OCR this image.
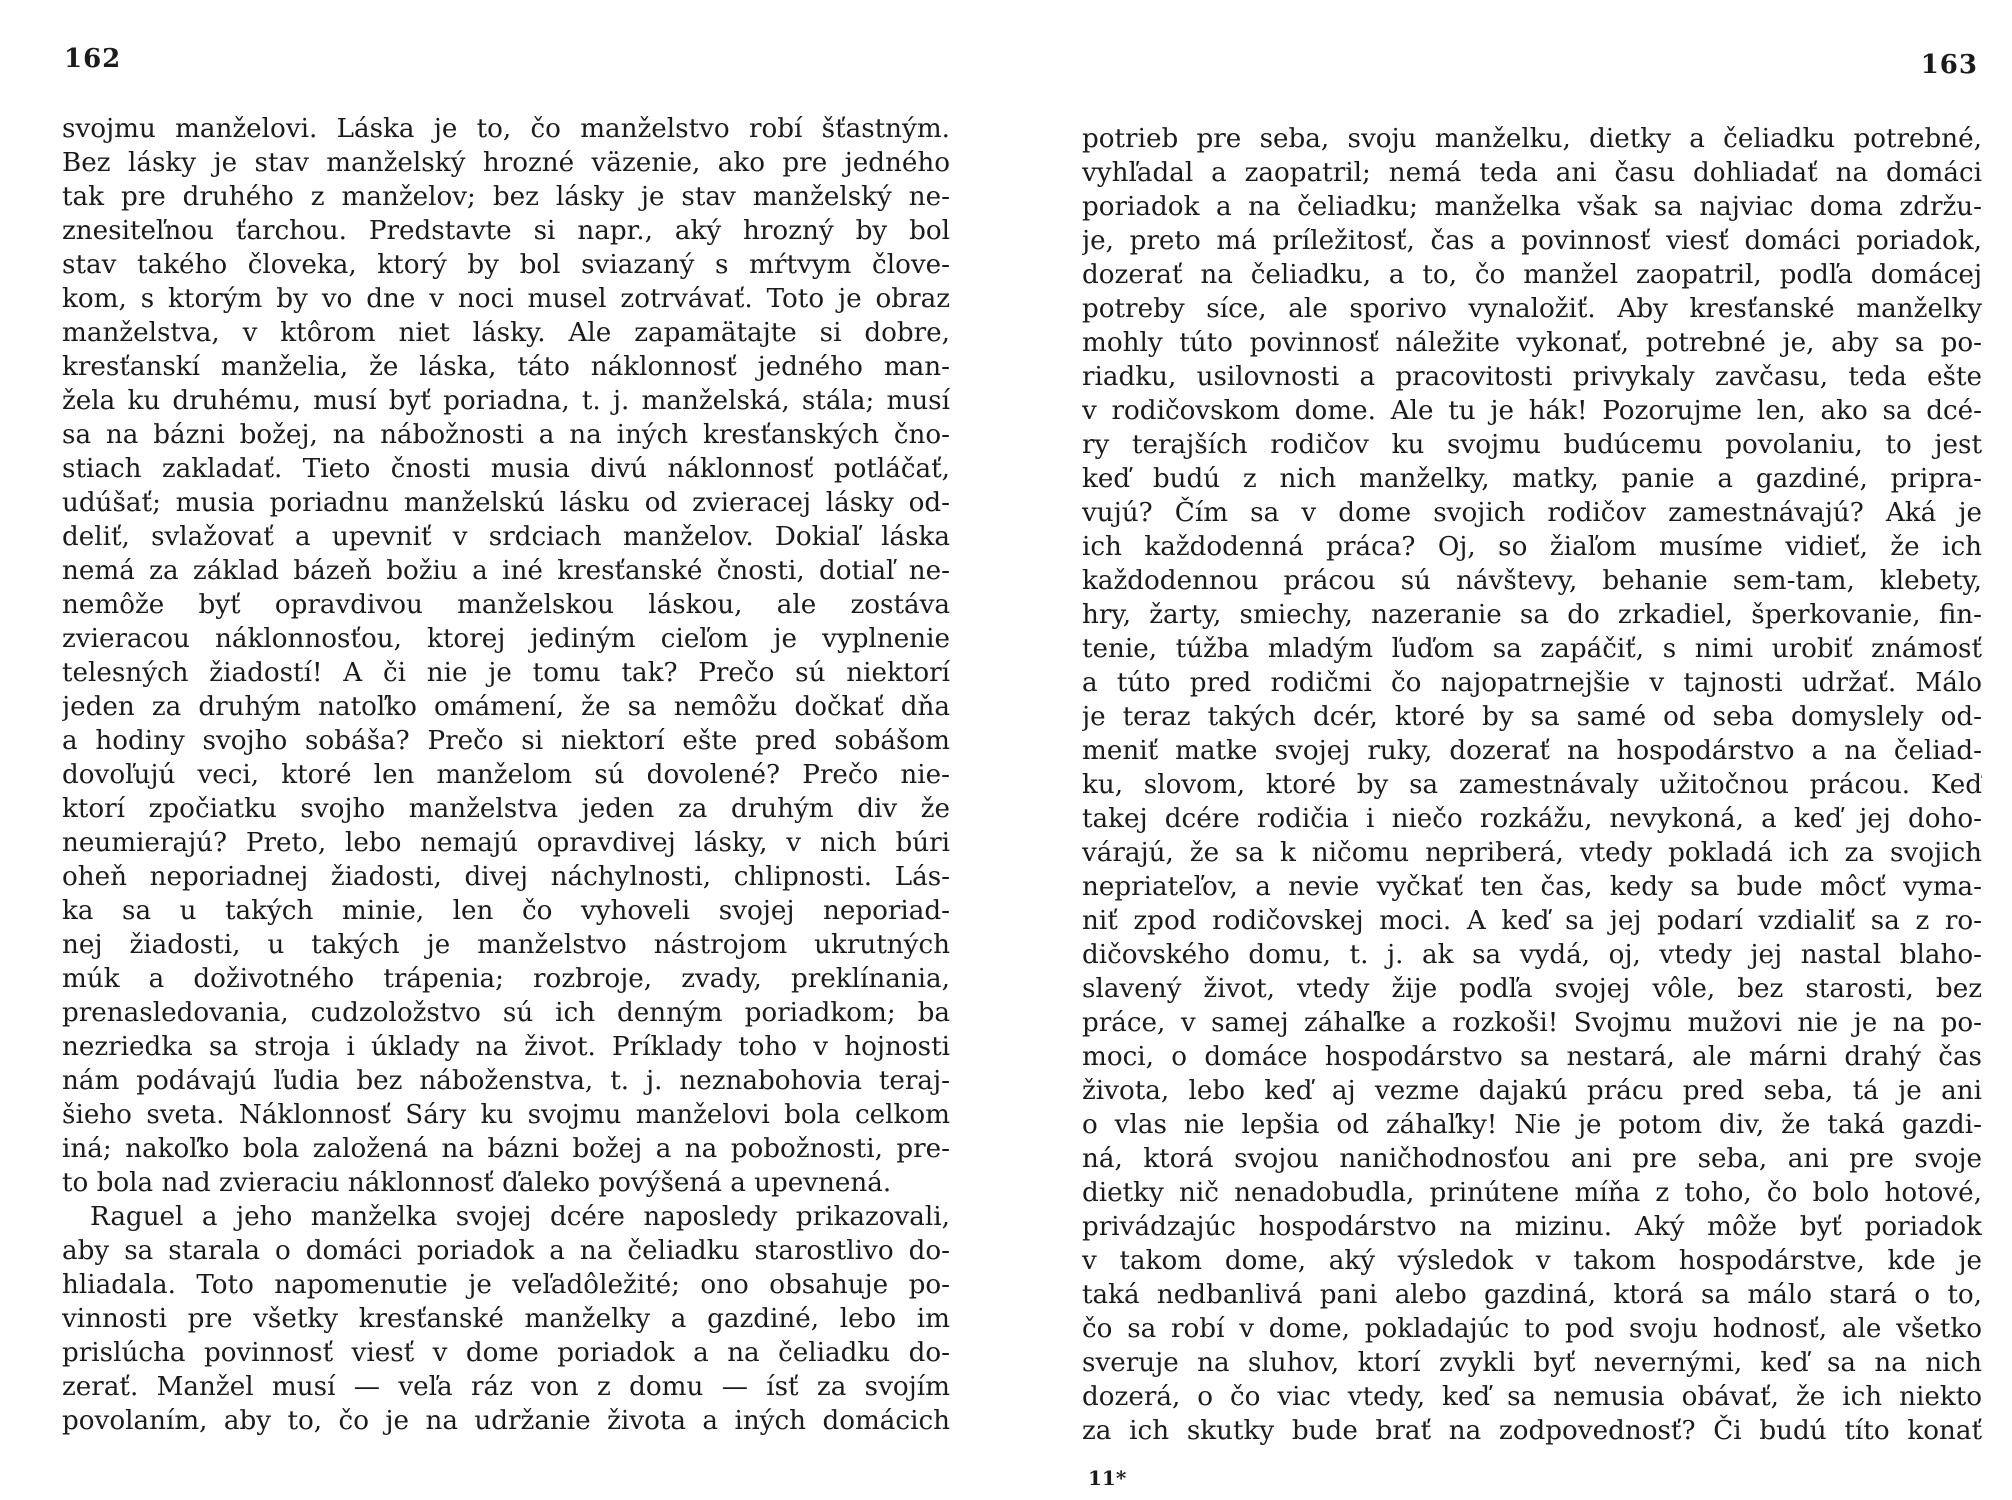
162
svojmu manželovi. Láska je to, čo manželstvo robí šťastným.
Bez lásky je stav manželský hrozné väzenie, ako pre jedného
tak pre druhého z manželov; bez lásky je stav manželský ne-
znesiteľnou ťarchou. Predstavte si napr., aký hrozný by bol
stav takého človeka, ktorý by bol sviazaný s mŕtvym člove-
kom, s ktorým by vo dne v noci musel zotrvávať. Toto je obraz
manželstva, v ktôrom niet lásky. Ale zapamätajte si dobre,
kresťanskí manželia, že láska, táto náklonnosť jedného man-
žela ku druhému, musí byť poriadna, t. j. manželská, stála; musí
sa na bázni božej, na nábožnosti a na iných kresťanských čno-
stiach zakladať. Tieto čnosti musia divú náklonnosť potláčať,
udúšať; musia poriadnu manželskú lásku od zvieracej lásky od-
deliť, svlažovať a upevniť v srdciach manželov. Dokiaľ láska
nemá za základ bázeň božiu a iné kresťanské čnosti, dotiaľ ne-
nemôže byť opravdivou manželskou láskou, ale zostáva
zvieracou náklonnosťou, ktorej jediným cieľom je vyplnenie
telesných žiadostí! A či nie je tomu tak? Prečo sú niektorí
jeden za druhým natoľko omámení, že sa nemôžu dočkať dňa
a hodiny svojho sobáša? Prečo si niektorí ešte pred sobášom
dovoľujú veci, ktoré len manželom sú dovolené? Prečo nie-
ktorí zpočiatku svojho manželstva jeden za druhým div že
neumierajú? Preto, lebo nemajú opravdivej lásky, v nich búri
oheň neporiadnej žiadosti, divej náchylnosti, chlipnosti. Lás-
ka sa u takých minie, len čo vyhoveli svojej neporiad-
nej žiadosti, u takých je manželstvo nástrojom ukrutných
múk a doživotného trápenia; rozbroje, zvady, preklínania,
prenasledovania, cudzoložstvo sú ich denným poriadkom; ba
nezriedka sa stroja i úklady na život. Príklady toho v hojnosti
nám podávajú ľudia bez náboženstva, t. j. neznabohovia teraj-
šieho sveta. Náklonnosť Sáry ku svojmu manželovi bola celkom
iná; nakoľko bola založená na bázni božej a na pobožnosti, pre-
to bola nad zvieraciu náklonnosť ďaleko povýšená a upevnená.
Raguel a jeho manželka svojej dcére naposledy prikazovali,
aby sa starala o domáci poriadok a na čeliadku starostlivo do-
hliadala. Toto napomenutie je veľadôležité; ono obsahuje po-
vinnosti pre všetky kresťanské manželky a gazdiné, lebo im
prislúcha povinnosť viesť v dome poriadok a na čeliadku do-
zerať. Manžel musí — veľa ráz von z domu — ísť za svojím
povolaním, aby to, čo je na udržanie života a iných domácich
163
potrieb pre seba, svoju manželku, dietky a čeliadku potrebné,
vyhľadal a zaopatril; nemá teda ani času dohliadať na domáci
poriadok a na čeliadku; manželka však sa najviac doma zdržu-
je, preto má príležitosť, čas a povinnosť viesť domáci poriadok,
dozerať na čeliadku, a to, čo manžel zaopatril, podľa domácej
potreby síce, ale sporivo vynaložiť. Aby kresťanské manželky
mohly túto povinnosť náležite vykonať, potrebné je, aby sa po-
riadku, usilovnosti a pracovitosti privykaly zavčasu, teda ešte
v rodičovskom dome. Ale tu je hák! Pozorujme len, ako sa dcé-
ry terajších rodičov ku svojmu budúcemu povolaniu, to jest
keď budú z nich manželky, matky, panie a gazdiné, pripra-
vujú? Čím sa v dome svojich rodičov zamestnávajú? Aká je
ich každodenná práca? Oj, so žiaľom musíme vidieť, že ich
každodennou prácou sú návštevy, behanie sem-tam, klebety,
hry, žarty, smiechy, nazeranie sa do zrkadiel, šperkovanie, fin-
tenie, túžba mladým ľuďom sa zapáčiť, s nimi urobiť známosť
a túto pred rodičmi čo najopatrnejšie v tajnosti udržať. Málo
je teraz takých dcér, ktoré by sa samé od seba domyslely od-
meniť matke svojej ruky, dozerať na hospodárstvo a na čeliad-
ku, slovom, ktoré by sa zamestnávaly užitočnou prácou. Keď
takej dcére rodičia i niečo rozkážu, nevykoná, a keď jej doho-
várajú, že sa k ničomu nepriberá, vtedy pokladá ich za svojich
nepriateľov, a nevie vyčkať ten čas, kedy sa bude môcť vyma-
niť zpod rodičovskej moci. A keď sa jej podarí vzdialiť sa z ro-
dičovského domu, t. j. ak sa vydá, oj, vtedy jej nastal blaho-
slavený život, vtedy žije podľa svojej vôle, bez starosti, bez
práce, v samej záhaľke a rozkoši! Svojmu mužovi nie je na po-
moci, o domáce hospodárstvo sa nestará, ale márni drahý čas
života, lebo keď aj vezme dajakú prácu pred seba, tá je ani
o vlas nie lepšia od záhaľky! Nie je potom div, že taká gazdi-
ná, ktorá svojou naničhodnosťou ani pre seba, ani pre svoje
dietky nič nenadobudla, prinútene míňa z toho, čo bolo hotové,
privádzajúc hospodárstvo na mizinu. Aký môže byť poriadok
v takom dome, aký výsledok v takom hospodárstve, kde je
taká nedbanlivá pani alebo gazdiná, ktorá sa málo stará o to,
čo sa robí v dome, pokladajúc to pod svoju hodnosť, ale všetko
sveruje na sluhov, ktorí zvykli byť nevernými, keď sa na nich
dozerá, o čo viac vtedy, keď sa nemusia obávať, že ich niekto
za ich skutky bude brať na zodpovednosť? Či budú títo konať
11*
